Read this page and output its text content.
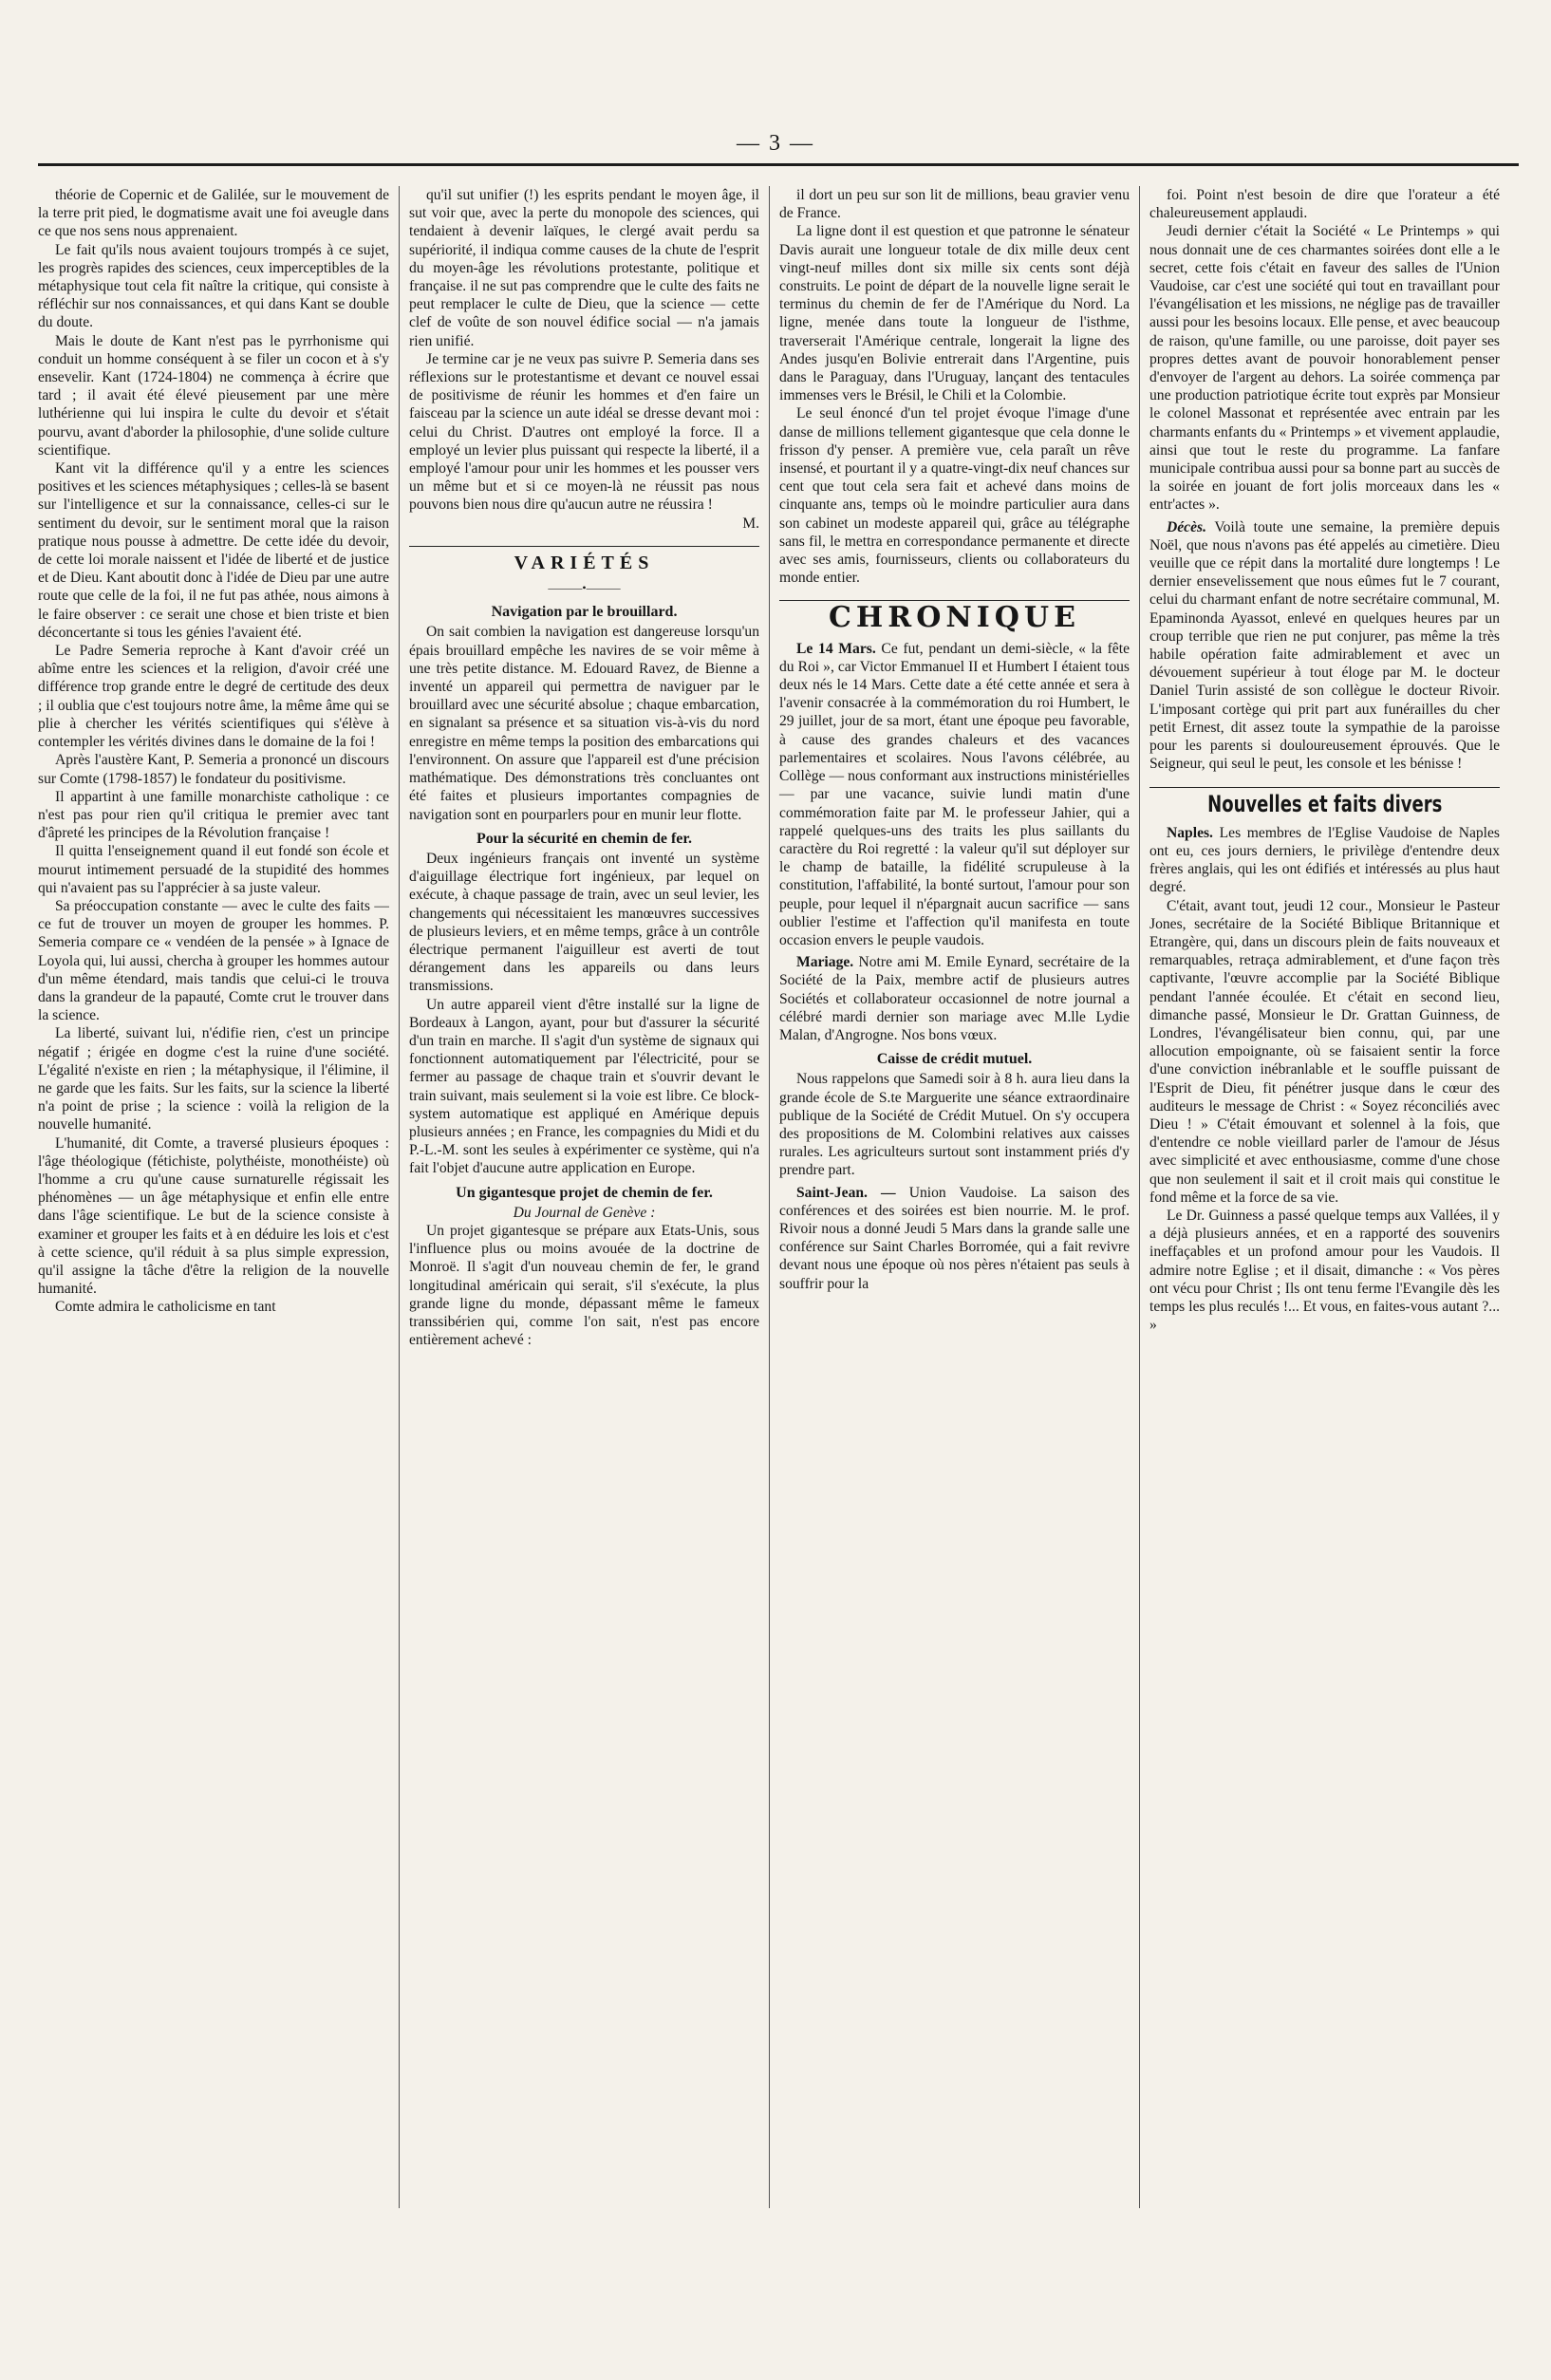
— 3 —

théorie de Copernic et de Galilée, sur le mouvement de la terre prit pied, le dogmatisme avait une foi aveugle dans ce que nos sens nous apprenaient.

Le fait qu'ils nous avaient toujours trompés à ce sujet, les progrès rapides des sciences, ceux imperceptibles de la métaphysique tout cela fit naître la critique, qui consiste à réfléchir sur nos connaissances, et qui dans Kant se double du doute.

Mais le doute de Kant n'est pas le pyrrhonisme qui conduit un homme conséquent à se filer un cocon et à s'y ensevelir. Kant (1724-1804) ne commença à écrire que tard ; il avait été élevé pieusement par une mère luthérienne qui lui inspira le culte du devoir et s'était pourvu, avant d'aborder la philosophie, d'une solide culture scientifique.

Kant vit la différence qu'il y a entre les sciences positives et les sciences métaphysiques ; celles-là se basent sur l'intelligence et sur la connaissance, celles-ci sur le sentiment du devoir, sur le sentiment moral que la raison pratique nous pousse à admettre. De cette idée du devoir, de cette loi morale naissent et l'idée de liberté et de justice et de Dieu. Kant aboutit donc à l'idée de Dieu par une autre route que celle de la foi, il ne fut pas athée, nous aimons à le faire observer : ce serait une chose et bien triste et bien déconcertante si tous les génies l'avaient été.

Le Padre Semeria reproche à Kant d'avoir créé un abîme entre les sciences et la religion, d'avoir créé une différence trop grande entre le degré de certitude des deux ; il oublia que c'est toujours notre âme, la même âme qui se plie à chercher les vérités scientifiques qui s'élève à contempler les vérités divines dans le domaine de la foi !

Après l'austère Kant, P. Semeria a prononcé un discours sur Comte (1798-1857) le fondateur du positivisme.

Il appartint à une famille monarchiste catholique : ce n'est pas pour rien qu'il critiqua le premier avec tant d'âpreté les principes de la Révolution française !

Il quitta l'enseignement quand il eut fondé son école et mourut intimement persuadé de la stupidité des hommes qui n'avaient pas su l'apprécier à sa juste valeur.

Sa préoccupation constante — avec le culte des faits — ce fut de trouver un moyen de grouper les hommes. P. Semeria compare ce « vendéen de la pensée » à Ignace de Loyola qui, lui aussi, chercha à grouper les hommes autour d'un même étendard, mais tandis que celui-ci le trouva dans la grandeur de la papauté, Comte crut le trouver dans la science.

La liberté, suivant lui, n'édifie rien, c'est un principe négatif ; érigée en dogme c'est la ruine d'une société. L'égalité n'existe en rien ; la métaphysique, il l'élimine, il ne garde que les faits. Sur les faits, sur la science la liberté n'a point de prise ; la science : voilà la religion de la nouvelle humanité.

L'humanité, dit Comte, a traversé plusieurs époques : l'âge théologique (fétichiste, polythéiste, monothéiste) où l'homme a cru qu'une cause surnaturelle régissait les phénomènes — un âge métaphysique et enfin elle entre dans l'âge scientifique. Le but de la science consiste à examiner et grouper les faits et à en déduire les lois et c'est à cette science, qu'il réduit à sa plus simple expression, qu'il assigne la tâche d'être la religion de la nouvelle humanité.

Comte admira le catholicisme en tant

qu'il sut unifier (!) les esprits pendant le moyen âge, il sut voir que, avec la perte du monopole des sciences, qui tendaient à devenir laïques, le clergé avait perdu sa supériorité, il indiqua comme causes de la chute de l'esprit du moyen-âge les révolutions protestante, politique et française. il ne sut pas comprendre que le culte des faits ne peut remplacer le culte de Dieu, que la science — cette clef de voûte de son nouvel édifice social — n'a jamais rien unifié.

Je termine car je ne veux pas suivre P. Semeria dans ses réflexions sur le protestantisme et devant ce nouvel essai de positivisme de réunir les hommes et d'en faire un faisceau par la science un aute idéal se dresse devant moi : celui du Christ. D'autres ont employé la force. Il a employé un levier plus puissant qui respecte la liberté, il a employé l'amour pour unir les hommes et les pousser vers un même but et si ce moyen-là ne réussit pas nous pouvons bien nous dire qu'aucun autre ne réussira !

M.
VARIÉTÉS
———•———
Navigation par le brouillard.

On sait combien la navigation est dangereuse lorsqu'un épais brouillard empêche les navires de se voir même à une très petite distance. M. Edouard Ravez, de Bienne a inventé un appareil qui permettra de naviguer par le brouillard avec une sécurité absolue ; chaque embarcation, en signalant sa présence et sa situation vis-à-vis du nord enregistre en même temps la position des embarcations qui l'environnent. On assure que l'appareil est d'une précision mathématique. Des démonstrations très concluantes ont été faites et plusieurs importantes compagnies de navigation sont en pourparlers pour en munir leur flotte.

Pour la sécurité en chemin de fer.

Deux ingénieurs français ont inventé un système d'aiguillage électrique fort ingénieux, par lequel on exécute, à chaque passage de train, avec un seul levier, les changements qui nécessitaient les manœuvres successives de plusieurs leviers, et en même temps, grâce à un contrôle électrique permanent l'aiguilleur est averti de tout dérangement dans les appareils ou dans leurs transmissions.

Un autre appareil vient d'être installé sur la ligne de Bordeaux à Langon, ayant, pour but d'assurer la sécurité d'un train en marche. Il s'agit d'un système de signaux qui fonctionnent automatiquement par l'électricité, pour se fermer au passage de chaque train et s'ouvrir devant le train suivant, mais seulement si la voie est libre. Ce block-system automatique est appliqué en Amérique depuis plusieurs années ; en France, les compagnies du Midi et du P.-L.-M. sont les seules à expérimenter ce système, qui n'a fait l'objet d'aucune autre application en Europe.

Un gigantesque projet de chemin de fer.
Du Journal de Genève :

Un projet gigantesque se prépare aux Etats-Unis, sous l'influence plus ou moins avouée de la doctrine de Monroë. Il s'agit d'un nouveau chemin de fer, le grand longitudinal américain qui serait, s'il s'exécute, la plus grande ligne du monde, dépassant même le fameux transsibérien qui, comme l'on sait, n'est pas encore entièrement achevé :

il dort un peu sur son lit de millions, beau gravier venu de France.

La ligne dont il est question et que patronne le sénateur Davis aurait une longueur totale de dix mille deux cent vingt-neuf milles dont six mille six cents sont déjà construits. Le point de départ de la nouvelle ligne serait le terminus du chemin de fer de l'Amérique du Nord. La ligne, menée dans toute la longueur de l'isthme, traverserait l'Amérique centrale, longerait la ligne des Andes jusqu'en Bolivie entrerait dans l'Argentine, puis dans le Paraguay, dans l'Uruguay, lançant des tentacules immenses vers le Brésil, le Chili et la Colombie.

Le seul énoncé d'un tel projet évoque l'image d'une danse de millions tellement gigantesque que cela donne le frisson d'y penser. A première vue, cela paraît un rêve insensé, et pourtant il y a quatre-vingt-dix neuf chances sur cent que tout cela sera fait et achevé dans moins de cinquante ans, temps où le moindre particulier aura dans son cabinet un modeste appareil qui, grâce au télégraphe sans fil, le mettra en correspondance permanente et directe avec ses amis, fournisseurs, clients ou collaborateurs du monde entier.

CHRONIQUE

Le 14 Mars. Ce fut, pendant un demi-siècle, « la fête du Roi », car Victor Emmanuel II et Humbert I étaient tous deux nés le 14 Mars. Cette date a été cette année et sera à l'avenir consacrée à la commémoration du roi Humbert, le 29 juillet, jour de sa mort, étant une époque peu favorable, à cause des grandes chaleurs et des vacances parlementaires et scolaires. Nous l'avons célébrée, au Collège — nous conformant aux instructions ministérielles — par une vacance, suivie lundi matin d'une commémoration faite par M. le professeur Jahier, qui a rappelé quelques-uns des traits les plus saillants du caractère du Roi regretté : la valeur qu'il sut déployer sur le champ de bataille, la fidélité scrupuleuse à la constitution, l'affabilité, la bonté surtout, l'amour pour son peuple, pour lequel il n'épargnait aucun sacrifice — sans oublier l'estime et l'affection qu'il manifesta en toute occasion envers le peuple vaudois.

Mariage. Notre ami M. Emile Eynard, secrétaire de la Société de la Paix, membre actif de plusieurs autres Sociétés et collaborateur occasionnel de notre journal a célébré mardi dernier son mariage avec M.lle Lydie Malan, d'Angrogne. Nos bons vœux.

Caisse de crédit mutuel.

Nous rappelons que Samedi soir à 8 h. aura lieu dans la grande école de S.te Marguerite une séance extraordinaire publique de la Société de Crédit Mutuel. On s'y occupera des propositions de M. Colombini relatives aux caisses rurales. Les agriculteurs surtout sont instamment priés d'y prendre part.

Saint-Jean. — Union Vaudoise. La saison des conférences et des soirées est bien nourrie. M. le prof. Rivoir nous a donné Jeudi 5 Mars dans la grande salle une conférence sur Saint Charles Borromée, qui a fait revivre devant nous une époque où nos pères n'étaient pas seuls à souffrir pour la

foi. Point n'est besoin de dire que l'orateur a été chaleureusement applaudi.

Jeudi dernier c'était la Société « Le Printemps » qui nous donnait une de ces charmantes soirées dont elle a le secret, cette fois c'était en faveur des salles de l'Union Vaudoise, car c'est une société qui tout en travaillant pour l'évangélisation et les missions, ne néglige pas de travailler aussi pour les besoins locaux. Elle pense, et avec beaucoup de raison, qu'une famille, ou une paroisse, doit payer ses propres dettes avant de pouvoir honorablement penser d'envoyer de l'argent au dehors. La soirée commença par une production patriotique écrite tout exprès par Monsieur le colonel Massonat et représentée avec entrain par les charmants enfants du « Printemps » et vivement applaudie, ainsi que tout le reste du programme. La fanfare municipale contribua aussi pour sa bonne part au succès de la soirée en jouant de fort jolis morceaux dans les « entr'actes ».

Décès. Voilà toute une semaine, la première depuis Noël, que nous n'avons pas été appelés au cimetière. Dieu veuille que ce répit dans la mortalité dure longtemps ! Le dernier ensevelissement que nous eûmes fut le 7 courant, celui du charmant enfant de notre secrétaire communal, M. Epaminonda Ayassot, enlevé en quelques heures par un croup terrible que rien ne put conjurer, pas même la très habile opération faite admirablement et avec un dévouement supérieur à tout éloge par M. le docteur Daniel Turin assisté de son collègue le docteur Rivoir. L'imposant cortège qui prit part aux funérailles du cher petit Ernest, dit assez toute la sympathie de la paroisse pour les parents si douloureusement éprouvés. Que le Seigneur, qui seul le peut, les console et les bénisse !

Nouvelles et faits divers

Naples. Les membres de l'Eglise Vaudoise de Naples ont eu, ces jours derniers, le privilège d'entendre deux frères anglais, qui les ont édifiés et intéressés au plus haut degré.

C'était, avant tout, jeudi 12 cour., Monsieur le Pasteur Jones, secrétaire de la Société Biblique Britannique et Etrangère, qui, dans un discours plein de faits nouveaux et remarquables, retraça admirablement, et d'une façon très captivante, l'œuvre accomplie par la Société Biblique pendant l'année écoulée. Et c'était en second lieu, dimanche passé, Monsieur le Dr. Grattan Guinness, de Londres, l'évangélisateur bien connu, qui, par une allocution empoignante, où se faisaient sentir la force d'une conviction inébranlable et le souffle puissant de l'Esprit de Dieu, fit pénétrer jusque dans le cœur des auditeurs le message de Christ : « Soyez réconciliés avec Dieu ! » C'était émouvant et solennel à la fois, que d'entendre ce noble vieillard parler de l'amour de Jésus avec simplicité et avec enthousiasme, comme d'une chose que non seulement il sait et il croit mais qui constitue le fond même et la force de sa vie.

Le Dr. Guinness a passé quelque temps aux Vallées, il y a déjà plusieurs années, et en a rapporté des souvenirs ineffaçables et un profond amour pour les Vaudois. Il admire notre Eglise ; et il disait, dimanche : « Vos pères ont vécu pour Christ ; Ils ont tenu ferme l'Evangile dès les temps les plus reculés !... Et vous, en faites-vous autant ?... »
